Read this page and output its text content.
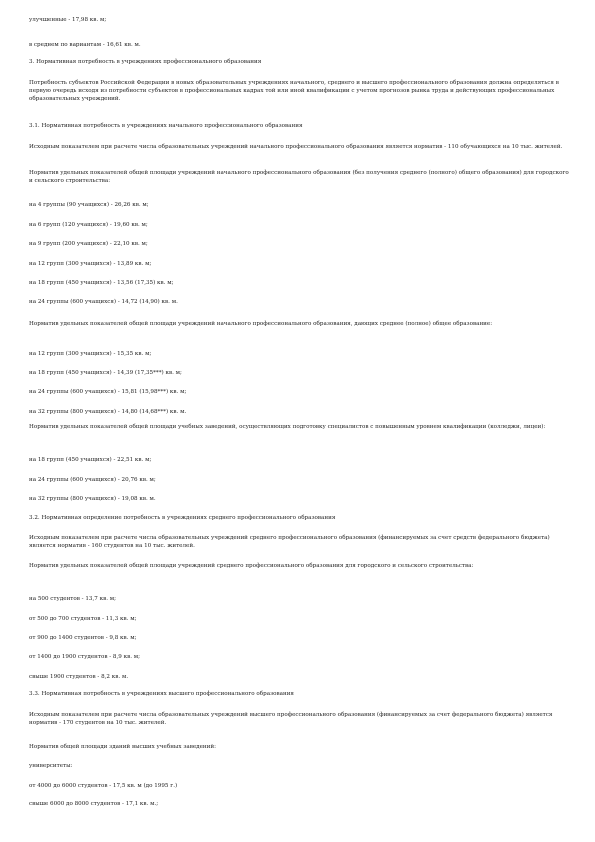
улучшенные - 17,98 кв. м;

в среднем по вариантам - 16,61 кв. м.

3. Нормативная потребность в учреждениях профессионального образования

Потребность субъектов Российской Федерации в новых образовательных учреждениях начального, среднего и высшего профессионального образования должна определяться в первую очередь исходя из потребности субъектов в профессиональных кадрах той или иной квалификации с учетом прогнозов рынка труда и действующих профессиональных образовательных учреждений.

3.1. Нормативная потребность в учреждениях начального профессионального образования

Исходным показателем при расчете числа образовательных учреждений начального профессионального образования является норматив - 110 обучающихся на 10 тыс. жителей.

Норматив удельных показателей общей площади учреждений начального профессионального образования (без получения среднего (полного) общего образования) для городского и сельского строительства:

на 4 группы (90 учащихся) - 26,26 кв. м;

на 6 групп (120 учащихся) - 19,60 кв. м;

на 9 групп (200 учащихся) - 22,10 кв. м;

на 12 групп (300 учащихся) - 13,89 кв. м;

на 18 групп (450 учащихся) - 13,56 (17,35) кв. м;

на 24 группы (600 учащихся) - 14,72 (14,90) кв. м.

Норматив удельных показателей общей площади учреждений начального профессионального образования, дающих среднее (полное) общее образование:

на 12 групп (300 учащихся) - 15,35 кв. м;

на 18 групп (450 учащихся) - 14,39 (17,35***) кв. м;

на 24 группы (600 учащихся) - 15,81 (15,98***) кв. м;

на 32 группы (800 учащихся) - 14,80 (14,68***) кв. м.

Норматив удельных показателей общей площади учебных заведений, осуществляющих подготовку специалистов с повышенным уровнем квалификации (колледжи, лицеи):

на 18 групп (450 учащихся) - 22,51 кв. м;

на 24 группы (600 учащихся) - 20,76 кв. м;

на 32 группы (800 учащихся) - 19,08 кв. м.

3.2. Нормативная определение потребность в учреждениях среднего профессионального образования

Исходным показателем при расчете числа образовательных учреждений среднего профессионального образования (финансируемых за счет средств федерального бюджета) является норматив - 160 студентов на 10 тыс. жителей.

Норматив удельных показателей общей площади учреждений среднего профессионального образования для городского и сельского строительства:

на 500 студентов - 13,7 кв. м;

от 500 до 700 студентов - 11,3 кв. м;

от 900 до 1400 студентов - 9,8 кв. м;

от 1400 до 1900 студентов - 8,9 кв. м;

свыше 1900 студентов - 8,2 кв. м.

3.3. Нормативная потребность в учреждениях высшего профессионального образования

Исходным показателем при расчете числа образовательных учреждений высшего профессионального образования (финансируемых за счет федерального бюджета) является норматив - 170 студентов на 10 тыс. жителей.

Норматив общей площади зданий высших учебных заведений:

университеты:

от 4000 до 6000 студентов - 17,5 кв. м (до 1995 г.)

свыше 6000 до 8000 студентов - 17,1 кв. м.;
